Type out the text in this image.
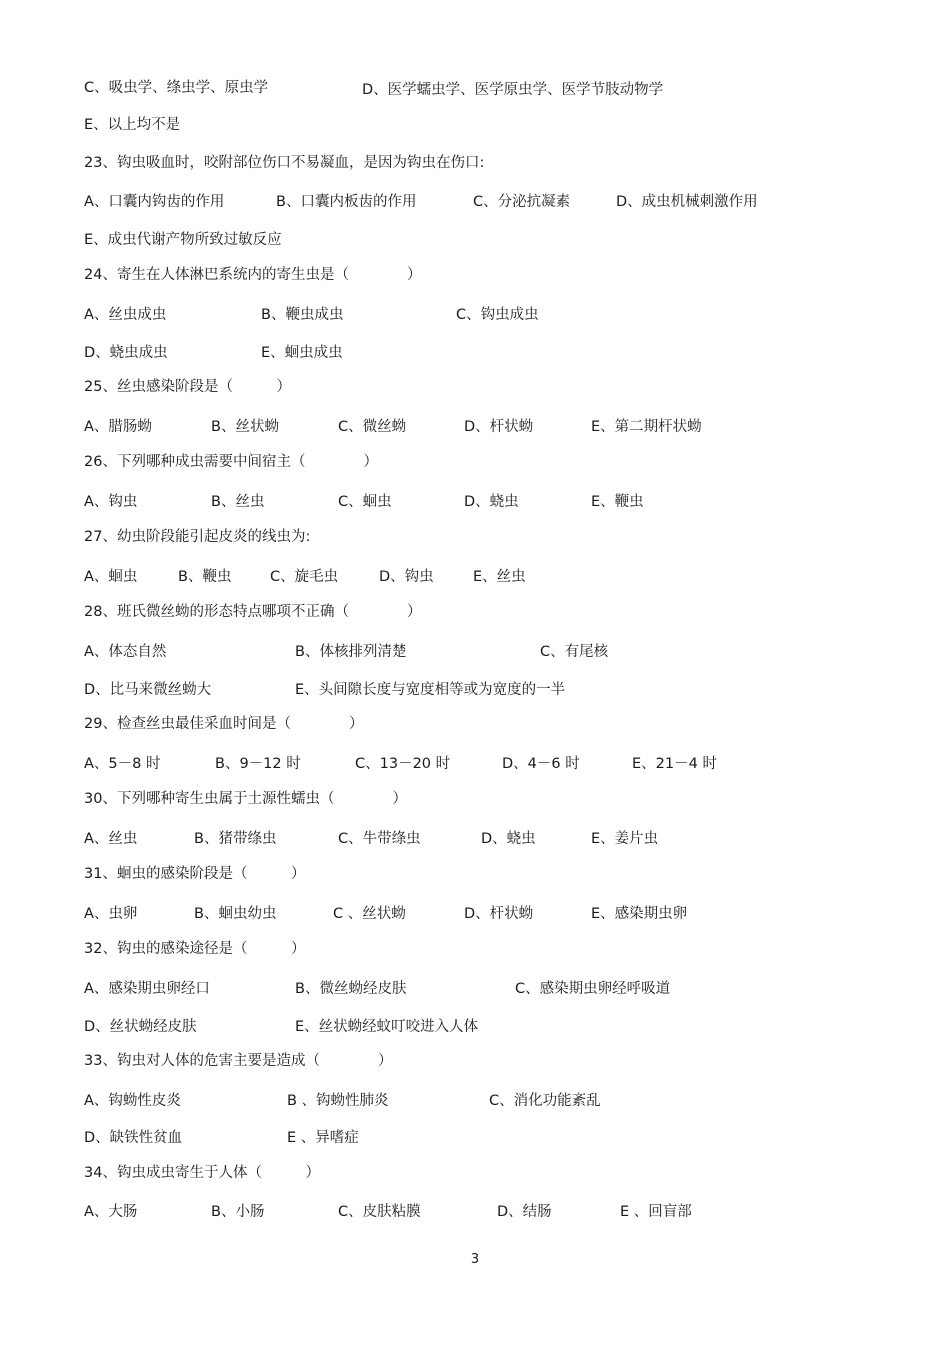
C、吸虫学、绦虫学、原虫学	D、医学蠕虫学、医学原虫学、医学节肢动物学
E、以上均不是
23、钩虫吸血时，咬附部位伤口不易凝血，是因为钩虫在伤口:
A、口囊内钩齿的作用	B、口囊内板齿的作用	C、分泌抗凝素	D、成虫机械刺激作用
E、成虫代谢产物所致过敏反应
24、寄生在人体淋巴系统内的寄生虫是（　　　　）
A、丝虫成虫	B、鞭虫成虫	C、钩虫成虫
D、蛲虫成虫	E、蛔虫成虫
25、丝虫感染阶段是（　　　）
A、腊肠蚴	B、丝状蚴	C、微丝蚴	D、杆状蚴	E、第二期杆状蚴
26、下列哪种成虫需要中间宿主（　　　　）
A、钩虫	B、丝虫	C、蛔虫	D、蛲虫	E、鞭虫
27、幼虫阶段能引起皮炎的线虫为:
A、蛔虫	B、鞭虫	C、旋毛虫	D、钩虫	E、丝虫
28、班氏微丝蚴的形态特点哪项不正确（　　　　）
A、体态自然	B、体核排列清楚	C、有尾核
D、比马来微丝蚴大	E、头间隙长度与宽度相等或为宽度的一半
29、检查丝虫最佳采血时间是（　　　　）
A、5－8 时	B、9－12 时	C、13－20 时	D、4－6 时	E、21－4 时
30、下列哪种寄生虫属于土源性蠕虫（　　　　）
A、丝虫	B、猪带绦虫	C、牛带绦虫	D、蛲虫	E、姜片虫
31、蛔虫的感染阶段是（　　　）
A、虫卵	B、蛔虫幼虫	C 、丝状蚴	D、杆状蚴	E、感染期虫卵
32、钩虫的感染途径是（　　　）
A、感染期虫卵经口	B、微丝蚴经皮肤	C、感染期虫卵经呼吸道
D、丝状蚴经皮肤	E、丝状蚴经蚊叮咬进入人体
33、钩虫对人体的危害主要是造成（　　　　）
A、钩蚴性皮炎	B 、钩蚴性肺炎	C、消化功能紊乱
D、缺铁性贫血	E 、异嗜症
34、钩虫成虫寄生于人体（　　　）
A、大肠	B、小肠	C、皮肤粘膜	D、结肠	E 、回盲部
3
